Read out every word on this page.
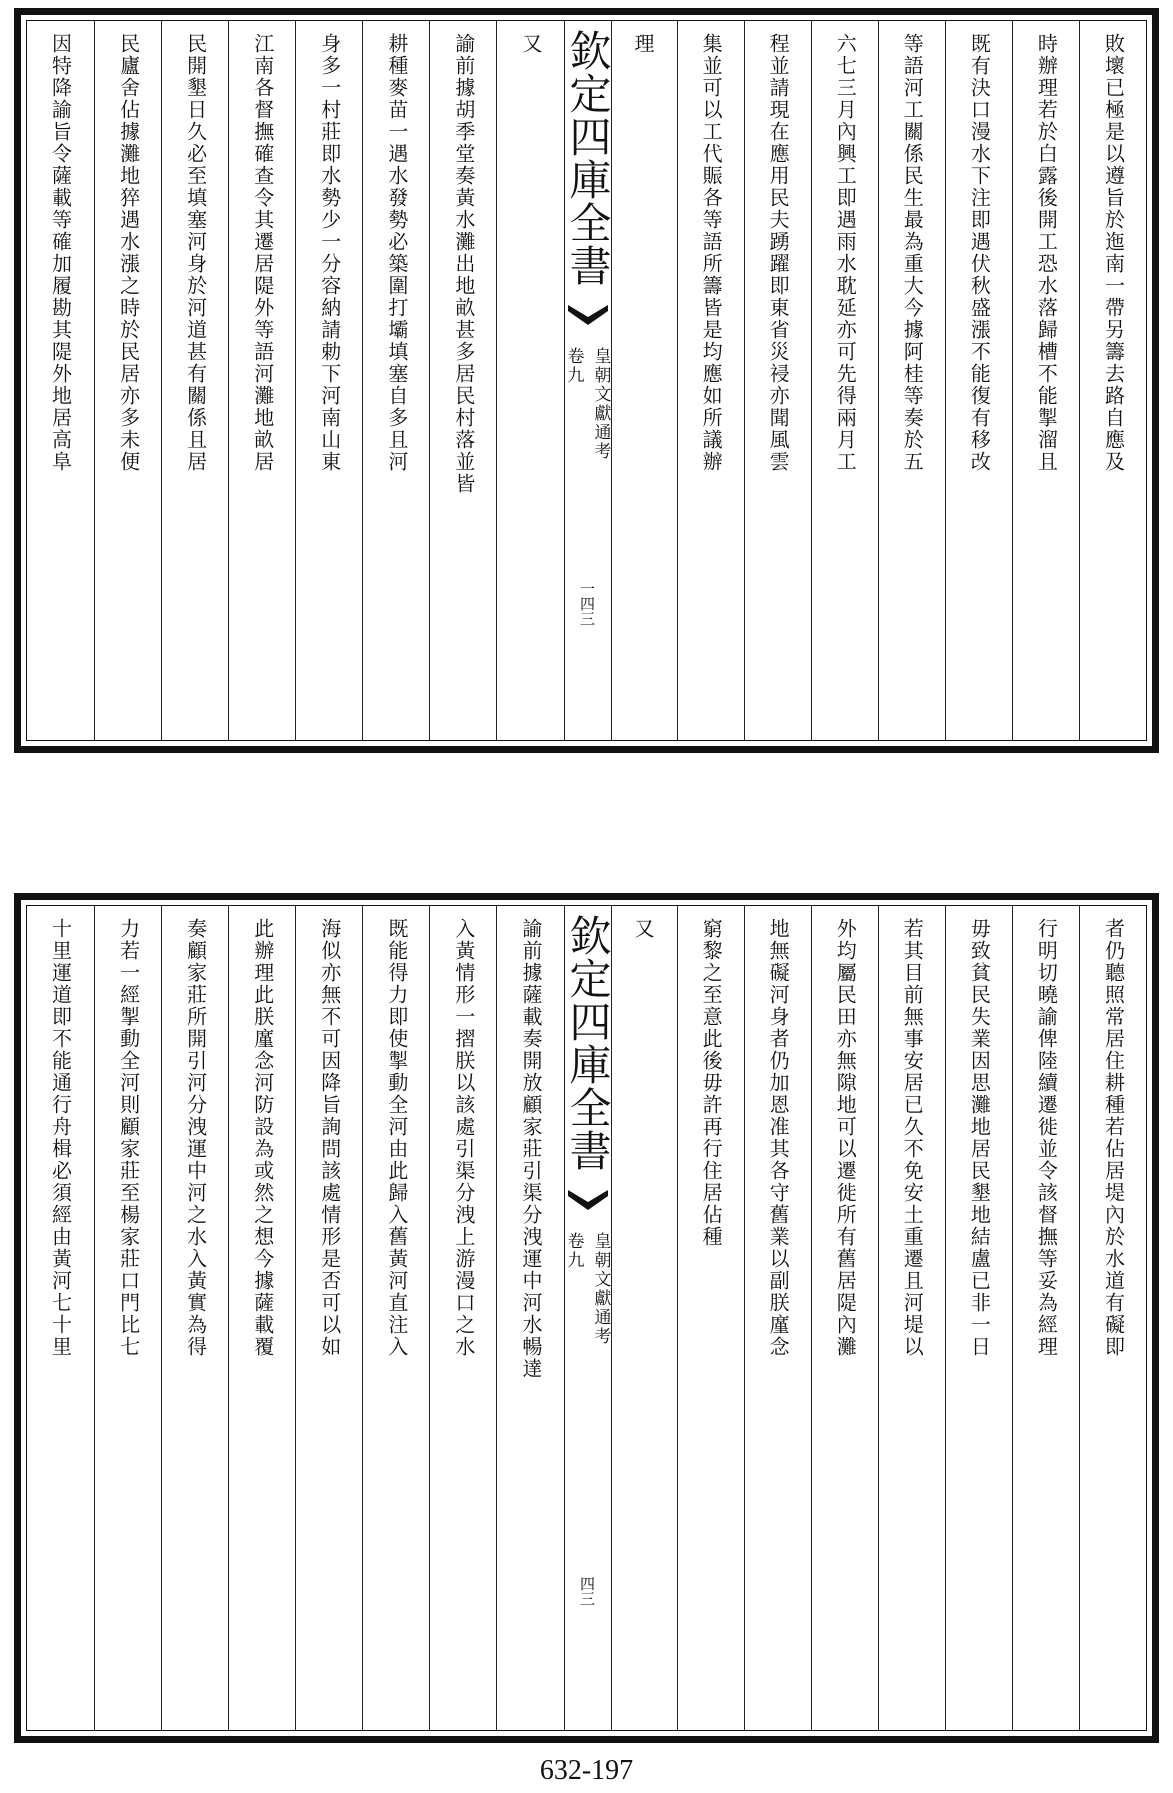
因特降諭旨令薩載等確加履勘其隄外地居高阜 民廬舍佔據灘地猝遇水漲之時於民居亦多未便 民開墾日久必至填塞河身於河道甚有關係且居 江南各督撫確查令其遷居隄外等語河灘地畝居 身多一村莊即水勢少一分容納請勅下河南山東 耕種麥苗一遇水發勢必築圍打壩填塞自多且河 諭前據胡季堂奏黃水灘出地畝甚多居民村落並皆 又 欽定四庫全書
皇朝文獻通考
卷九
一四三
理 集並可以工代賑各等語所籌皆是均應如所議辦 程並請現在應用民夫踴躍即東省災祲亦聞風雲 六七三月內興工即遇雨水耽延亦可先得兩月工 等語河工關係民生最為重大今據阿桂等奏於五 既有決口漫水下注即遇伏秋盛漲不能復有移改 時辦理若於白露後開工恐水落歸槽不能掣溜且 敗壞已極是以遵旨於迤南一帶另籌去路自應及
十里運道即不能通行舟楫必須經由黃河七十里 力若一經掣動全河則顧家莊至楊家莊口門比七 奏顧家莊所開引河分洩運中河之水入黃實為得 此辦理此朕廑念河防設為或然之想今據薩載覆 海似亦無不可因降旨詢問該處情形是否可以如 既能得力即使掣動全河由此歸入舊黃河直注入 入黃情形一摺朕以該處引渠分洩上游漫口之水 諭前據薩載奏開放顧家莊引渠分洩運中河水暢達 欽定四庫全書
皇朝文獻通考
卷九
四三
又 窮黎之至意此後毋許再行住居佔種 地無礙河身者仍加恩准其各守舊業以副朕廑念 外均屬民田亦無隙地可以遷徙所有舊居隄內灘 若其目前無事安居已久不免安土重遷且河堤以 毋致貧民失業因思灘地居民墾地結盧已非一日 行明切曉諭俾陸續遷徙並令該督撫等妥為經理 者仍聽照常居住耕種若佔居堤內於水道有礙即
632-197
